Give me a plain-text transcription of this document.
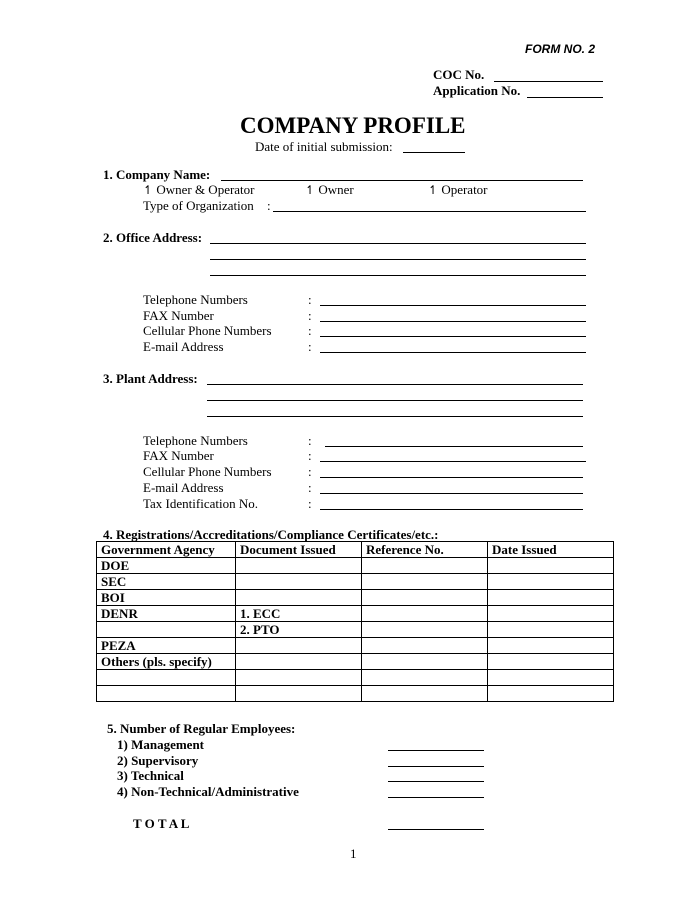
FORM NO. 2
COC No.
Application No.
COMPANY PROFILE
Date of initial submission:
1. Company Name:
↿ Owner & Operator	↿ Owner	↿ Operator
Type of Organization :
2. Office Address:
Telephone Numbers	:
FAX Number	:
Cellular Phone Numbers	:
E-mail Address	:
3. Plant Address:
Telephone Numbers	:
FAX Number	:
Cellular Phone Numbers	:
E-mail Address	:
Tax Identification No.	:
4. Registrations/Accreditations/Compliance Certificates/etc.:
Government Agency	Document Issued	Reference No.	Date Issued
DOE			
SEC			
BOI			
DENR	1. ECC		
	2. PTO		
PEZA			
Others (pls. specify)			

5. Number of Regular Employees:
1) Management
2) Supervisory
3) Technical
4) Non-Technical/Administrative
T O T A L
1
